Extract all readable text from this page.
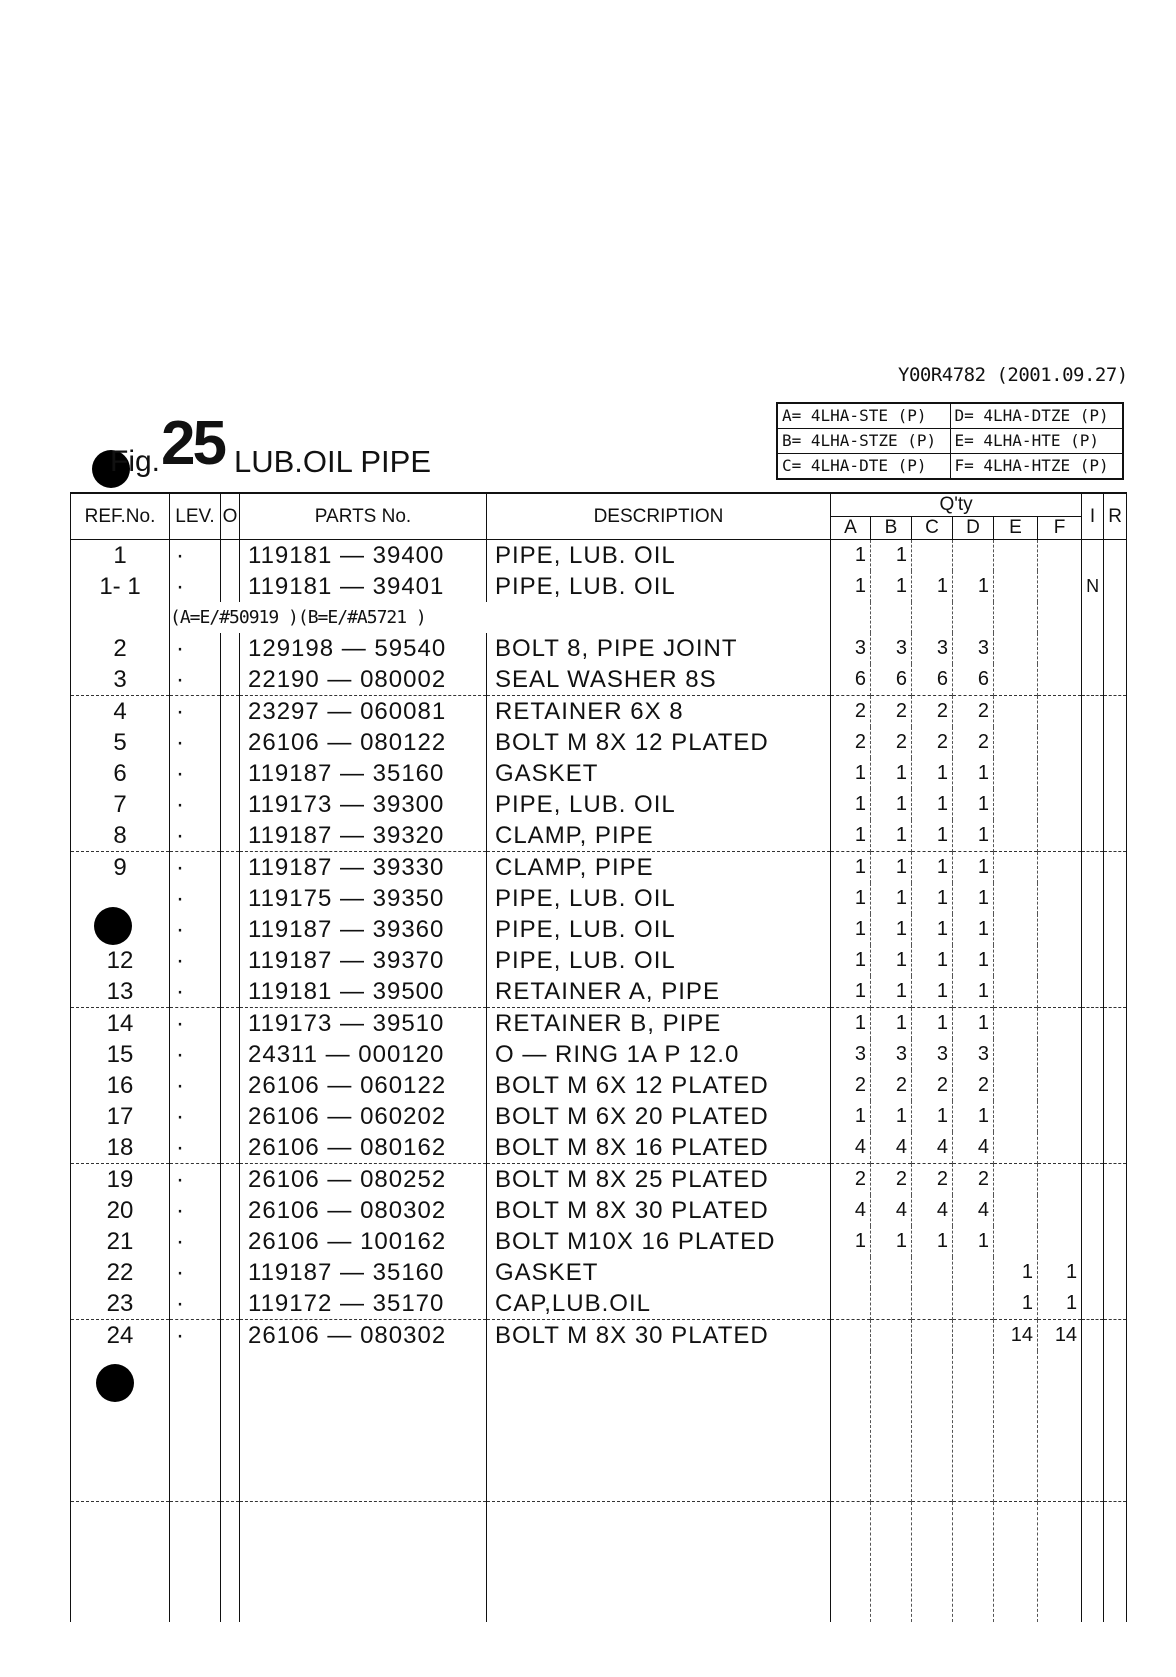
Y00R4782 (2001.09.27)
A= 4LHA-STE (P)	D= 4LHA-DTZE (P)
B= 4LHA-STZE (P)	E= 4LHA-HTE (P)
C= 4LHA-DTE (P)	F= 4LHA-HTZE (P)
Fig. 25 LUB.OIL PIPE
REF.No.	LEV.	O	PARTS No.	DESCRIPTION	Q'ty						I	R
					A	B	C	D	E	F		
1	·		119181 — 39400	PIPE, LUB. OIL	1	1						
1- 1	·		119181 — 39401	PIPE, LUB. OIL	1	1	1	1			N	
	(A=E/#50919 )(B=E/#A5721 )											
2	·		129198 — 59540	BOLT 8, PIPE JOINT	3	3	3	3				
3	·		22190 — 080002	SEAL WASHER 8S	6	6	6	6				
4	·		23297 — 060081	RETAINER 6X 8	2	2	2	2				
5	·		26106 — 080122	BOLT M 8X 12 PLATED	2	2	2	2				
6	·		119187 — 35160	GASKET	1	1	1	1				
7	·		119173 — 39300	PIPE, LUB. OIL	1	1	1	1				
8	·		119187 — 39320	CLAMP, PIPE	1	1	1	1				
9	·		119187 — 39330	CLAMP, PIPE	1	1	1	1				
	·		119175 — 39350	PIPE, LUB. OIL	1	1	1	1				
	·		119187 — 39360	PIPE, LUB. OIL	1	1	1	1				
12	·		119187 — 39370	PIPE, LUB. OIL	1	1	1	1				
13	·		119181 — 39500	RETAINER A, PIPE	1	1	1	1				
14	·		119173 — 39510	RETAINER B, PIPE	1	1	1	1				
15	·		24311 — 000120	O — RING 1A P 12.0	3	3	3	3				
16	·		26106 — 060122	BOLT M 6X 12 PLATED	2	2	2	2				
17	·		26106 — 060202	BOLT M 6X 20 PLATED	1	1	1	1				
18	·		26106 — 080162	BOLT M 8X 16 PLATED	4	4	4	4				
19	·		26106 — 080252	BOLT M 8X 25 PLATED	2	2	2	2				
20	·		26106 — 080302	BOLT M 8X 30 PLATED	4	4	4	4				
21	·		26106 — 100162	BOLT M10X 16 PLATED	1	1	1	1				
22	·		119187 — 35160	GASKET					1	1		
23	·		119172 — 35170	CAP,LUB.OIL					1	1		
24	·		26106 — 080302	BOLT M 8X 30 PLATED					14	14		
